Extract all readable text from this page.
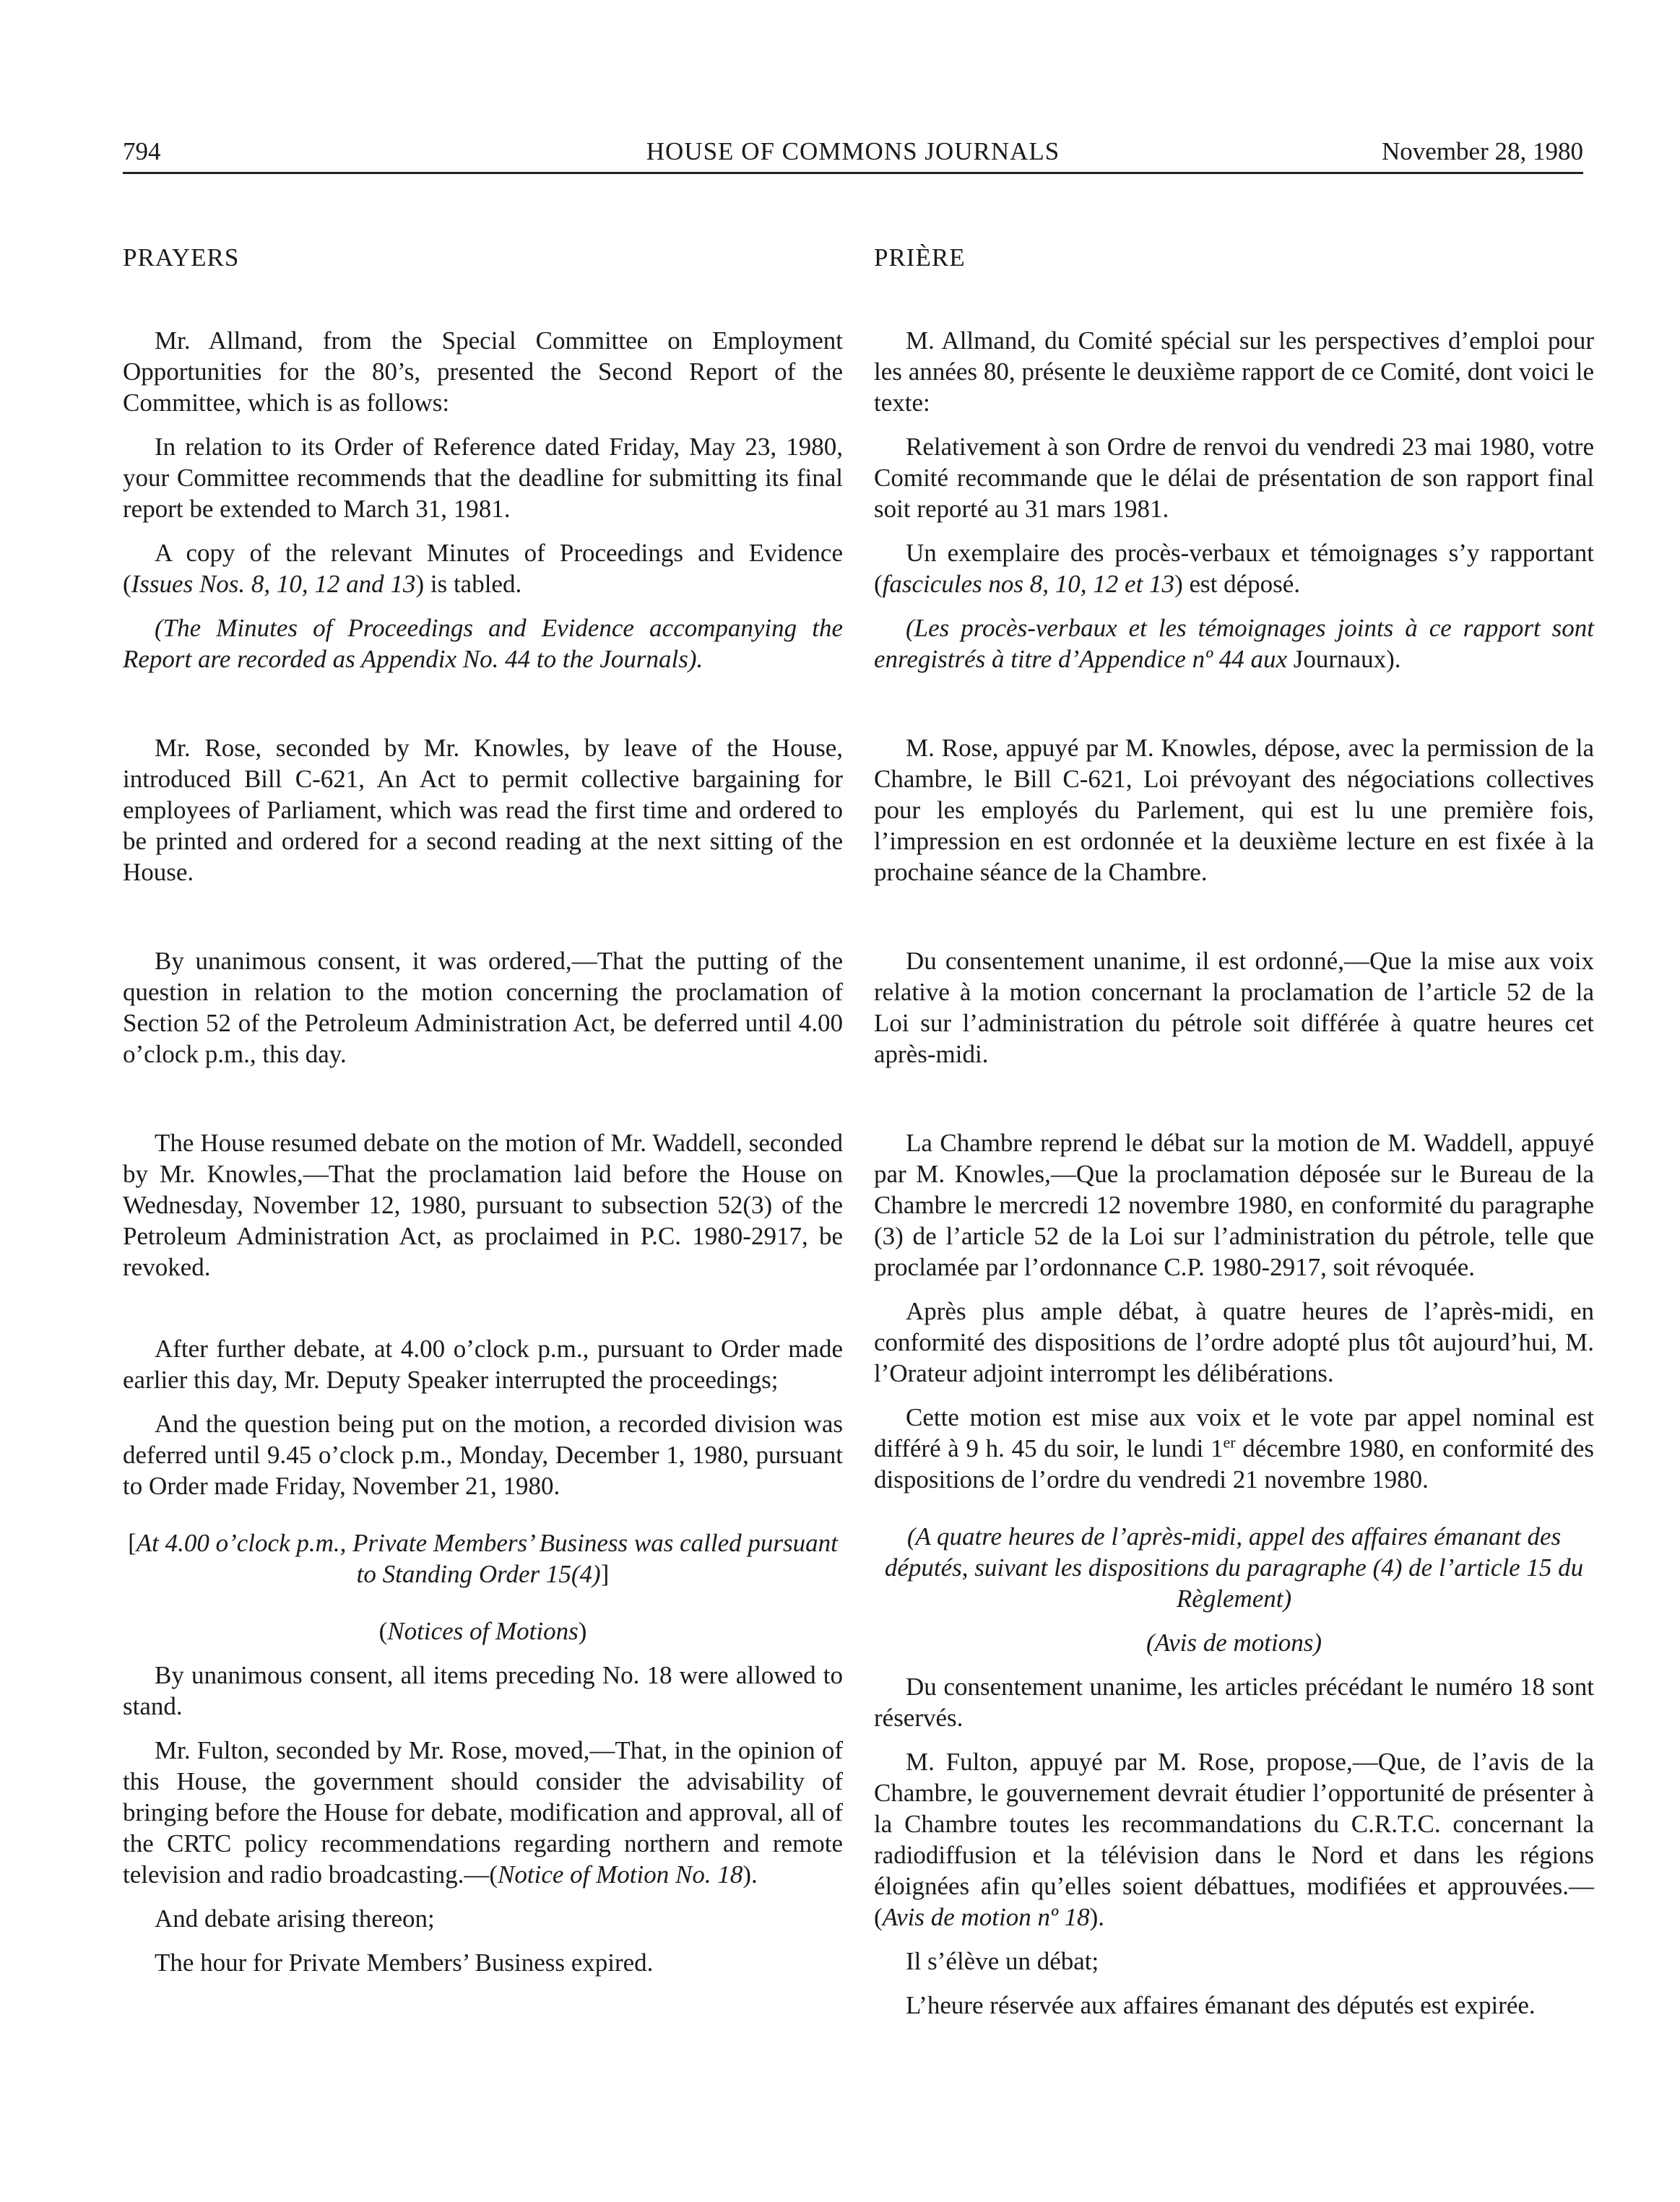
794	HOUSE OF COMMONS JOURNALS	November 28, 1980

PRAYERS

Mr. Allmand, from the Special Committee on Employment Opportunities for the 80’s, presented the Second Report of the Committee, which is as follows:

In relation to its Order of Reference dated Friday, May 23, 1980, your Committee recommends that the deadline for submitting its final report be extended to March 31, 1981.

A copy of the relevant Minutes of Proceedings and Evidence (Issues Nos. 8, 10, 12 and 13) is tabled.

(The Minutes of Proceedings and Evidence accompanying the Report are recorded as Appendix No. 44 to the Journals).

Mr. Rose, seconded by Mr. Knowles, by leave of the House, introduced Bill C-621, An Act to permit collective bargaining for employees of Parliament, which was read the first time and ordered to be printed and ordered for a second reading at the next sitting of the House.

By unanimous consent, it was ordered,—That the putting of the question in relation to the motion concerning the proclamation of Section 52 of the Petroleum Administration Act, be deferred until 4.00 o’clock p.m., this day.

The House resumed debate on the motion of Mr. Waddell, seconded by Mr. Knowles,—That the proclamation laid before the House on Wednesday, November 12, 1980, pursuant to subsection 52(3) of the Petroleum Administration Act, as proclaimed in P.C. 1980-2917, be revoked.

After further debate, at 4.00 o’clock p.m., pursuant to Order made earlier this day, Mr. Deputy Speaker interrupted the proceedings;

And the question being put on the motion, a recorded division was deferred until 9.45 o’clock p.m., Monday, December 1, 1980, pursuant to Order made Friday, November 21, 1980.

[At 4.00 o’clock p.m., Private Members’ Business was called pursuant to Standing Order 15(4)]

(Notices of Motions)

By unanimous consent, all items preceding No. 18 were allowed to stand.

Mr. Fulton, seconded by Mr. Rose, moved,—That, in the opinion of this House, the government should consider the advisability of bringing before the House for debate, modification and approval, all of the CRTC policy recommendations regarding northern and remote television and radio broadcasting.—(Notice of Motion No. 18).

And debate arising thereon;

The hour for Private Members’ Business expired.

PRIÈRE

M. Allmand, du Comité spécial sur les perspectives d’emploi pour les années 80, présente le deuxième rapport de ce Comité, dont voici le texte:

Relativement à son Ordre de renvoi du vendredi 23 mai 1980, votre Comité recommande que le délai de présentation de son rapport final soit reporté au 31 mars 1981.

Un exemplaire des procès-verbaux et témoignages s’y rapportant (fascicules nos 8, 10, 12 et 13) est déposé.

(Les procès-verbaux et les témoignages joints à ce rapport sont enregistrés à titre d’Appendice nº 44 aux Journaux).

M. Rose, appuyé par M. Knowles, dépose, avec la permission de la Chambre, le Bill C-621, Loi prévoyant des négociations collectives pour les employés du Parlement, qui est lu une première fois, l’impression en est ordonnée et la deuxième lecture en est fixée à la prochaine séance de la Chambre.

Du consentement unanime, il est ordonné,—Que la mise aux voix relative à la motion concernant la proclamation de l’article 52 de la Loi sur l’administration du pétrole soit différée à quatre heures cet après-midi.

La Chambre reprend le débat sur la motion de M. Waddell, appuyé par M. Knowles,—Que la proclamation déposée sur le Bureau de la Chambre le mercredi 12 novembre 1980, en conformité du paragraphe (3) de l’article 52 de la Loi sur l’administration du pétrole, telle que proclamée par l’ordonnance C.P. 1980-2917, soit révoquée.

Après plus ample débat, à quatre heures de l’après-midi, en conformité des dispositions de l’ordre adopté plus tôt aujourd’hui, M. l’Orateur adjoint interrompt les délibérations.

Cette motion est mise aux voix et le vote par appel nominal est différé à 9 h. 45 du soir, le lundi 1er décembre 1980, en conformité des dispositions de l’ordre du vendredi 21 novembre 1980.

(A quatre heures de l’après-midi, appel des affaires émanant des députés, suivant les dispositions du paragraphe (4) de l’article 15 du Règlement)

(Avis de motions)

Du consentement unanime, les articles précédant le numéro 18 sont réservés.

M. Fulton, appuyé par M. Rose, propose,—Que, de l’avis de la Chambre, le gouvernement devrait étudier l’opportunité de présenter à la Chambre toutes les recommandations du C.R.T.C. concernant la radiodiffusion et la télévision dans le Nord et dans les régions éloignées afin qu’elles soient débattues, modifiées et approuvées.—(Avis de motion nº 18).

Il s’élève un débat;

L’heure réservée aux affaires émanant des députés est expirée.
